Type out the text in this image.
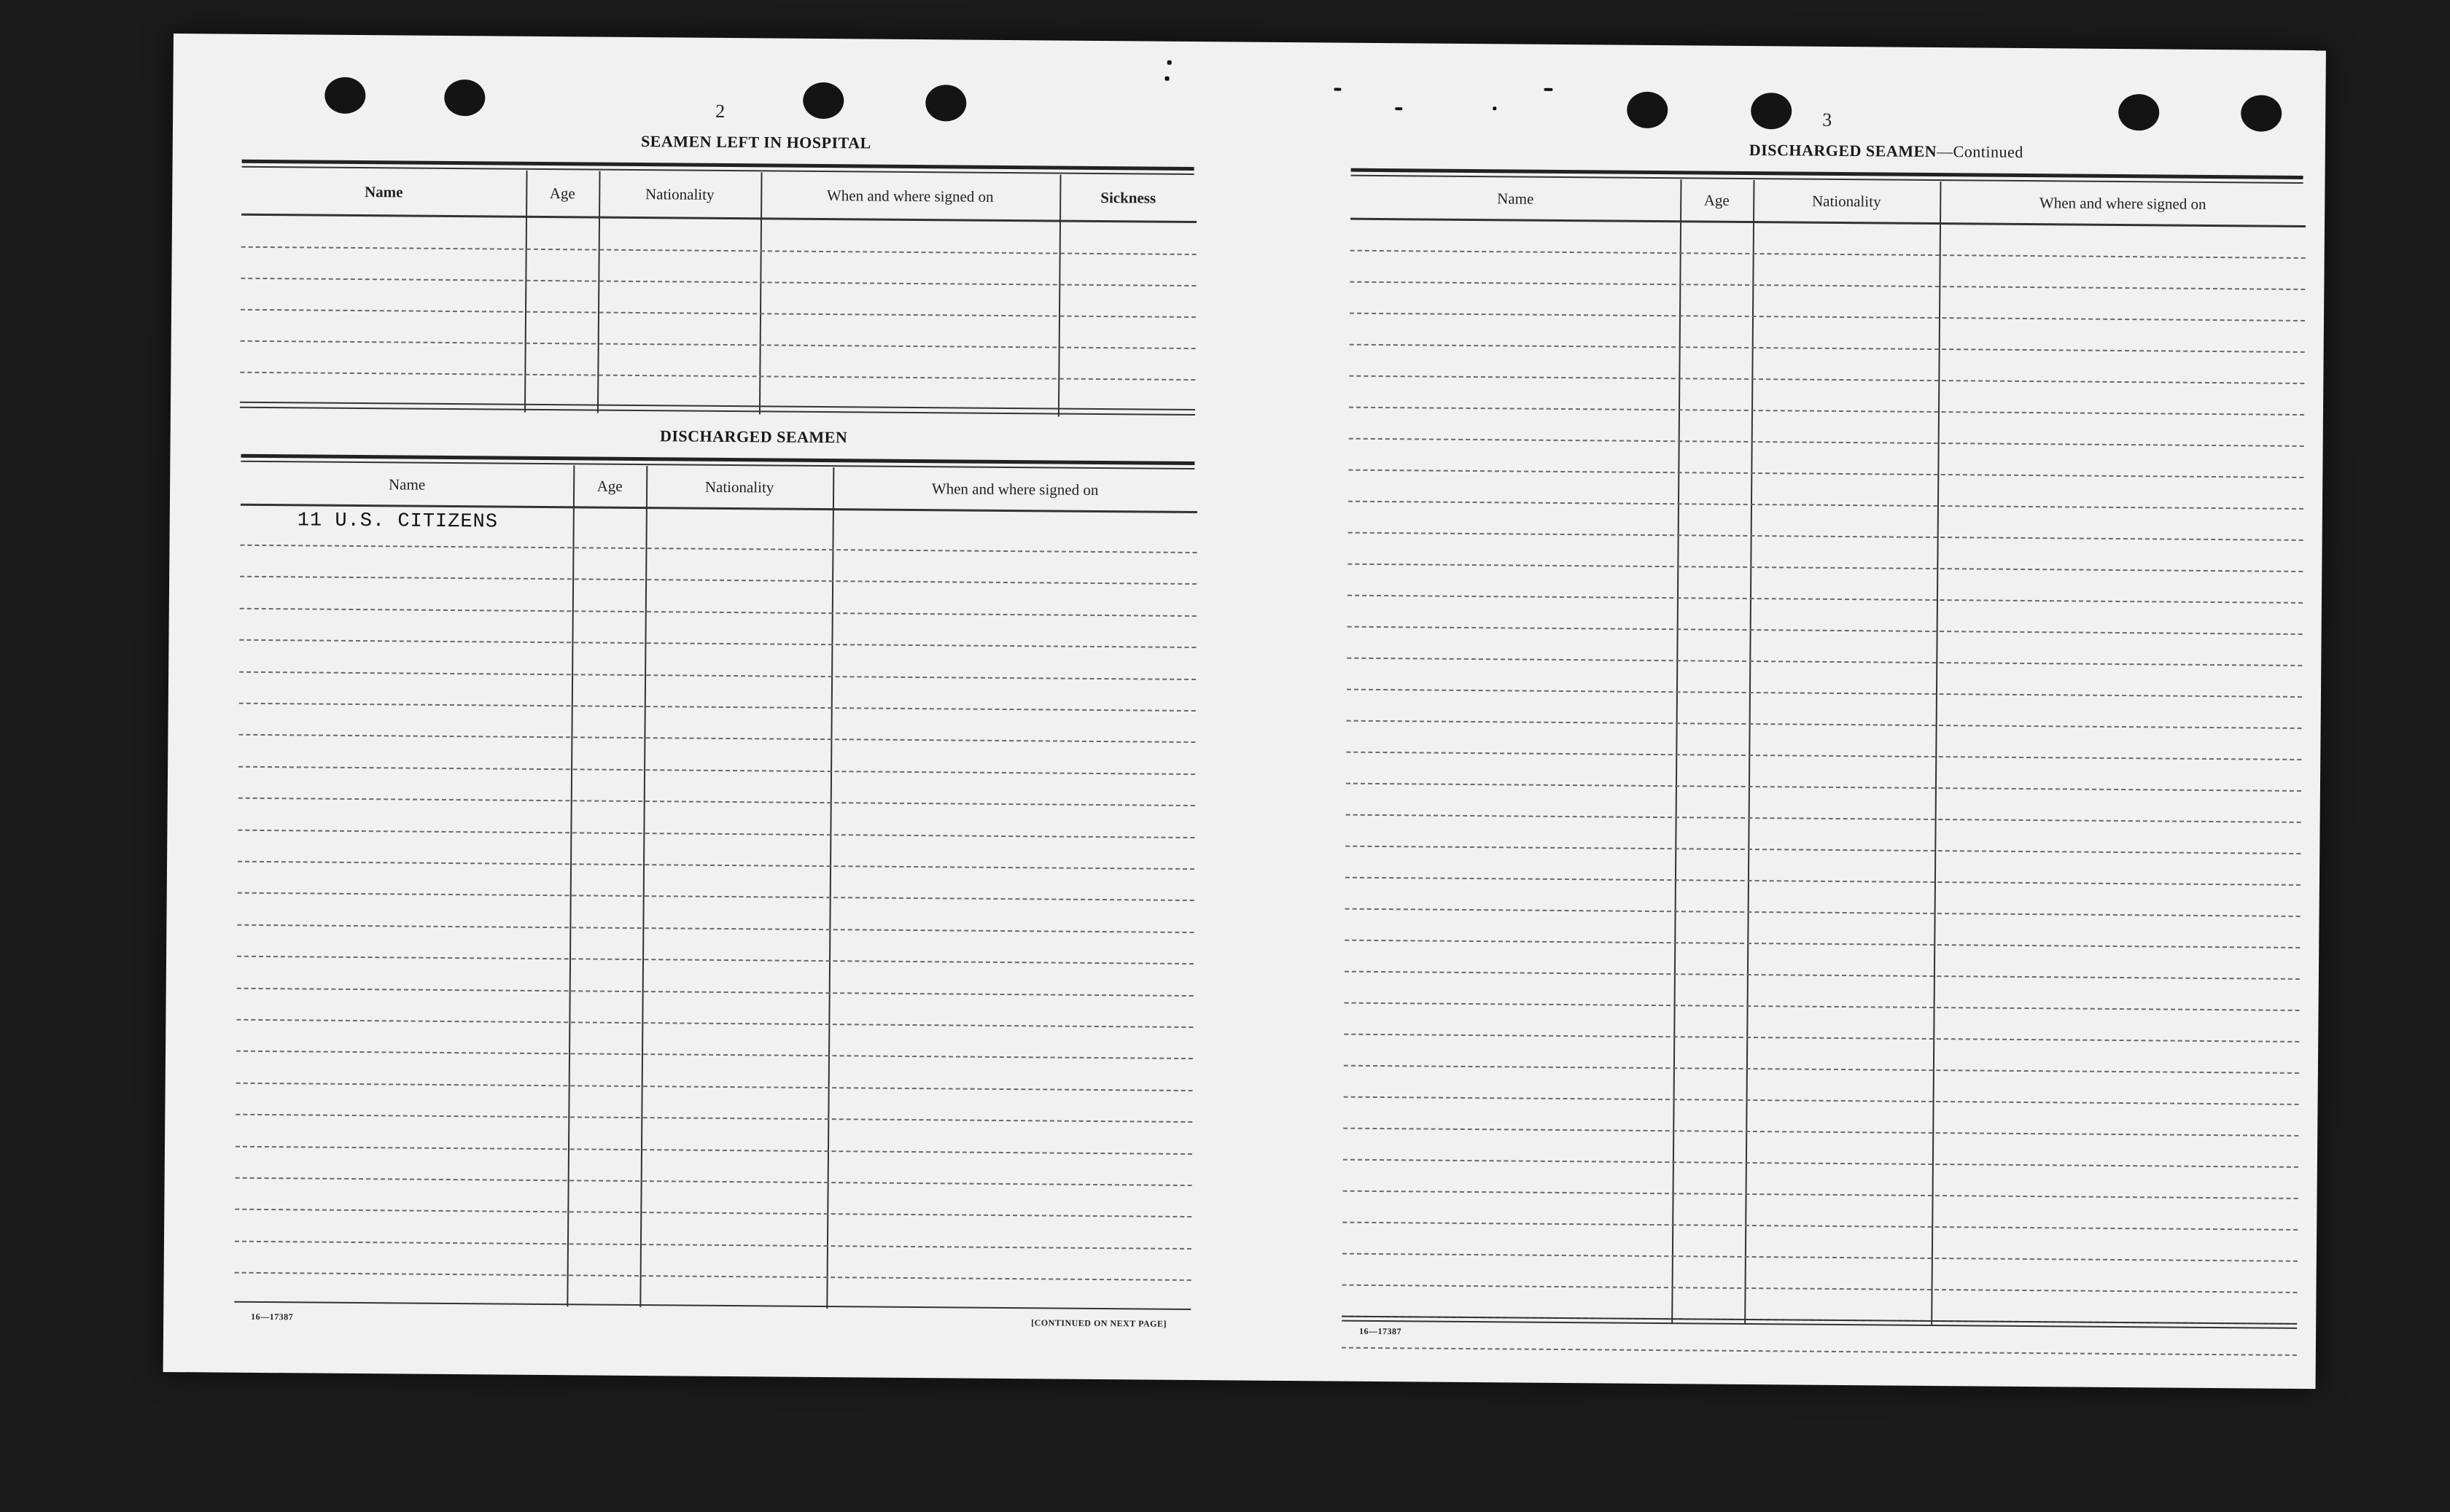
2
SEAMEN LEFT IN HOSPITAL
Name	Age	Nationality	When and where signed on	Sickness
DISCHARGED SEAMEN
Name	Age	Nationality	When and where signed on
11 U.S. CITIZENS
16—17387
[CONTINUED ON NEXT PAGE]
3
DISCHARGED SEAMEN—Continued
Name	Age	Nationality	When and where signed on
16—17387
